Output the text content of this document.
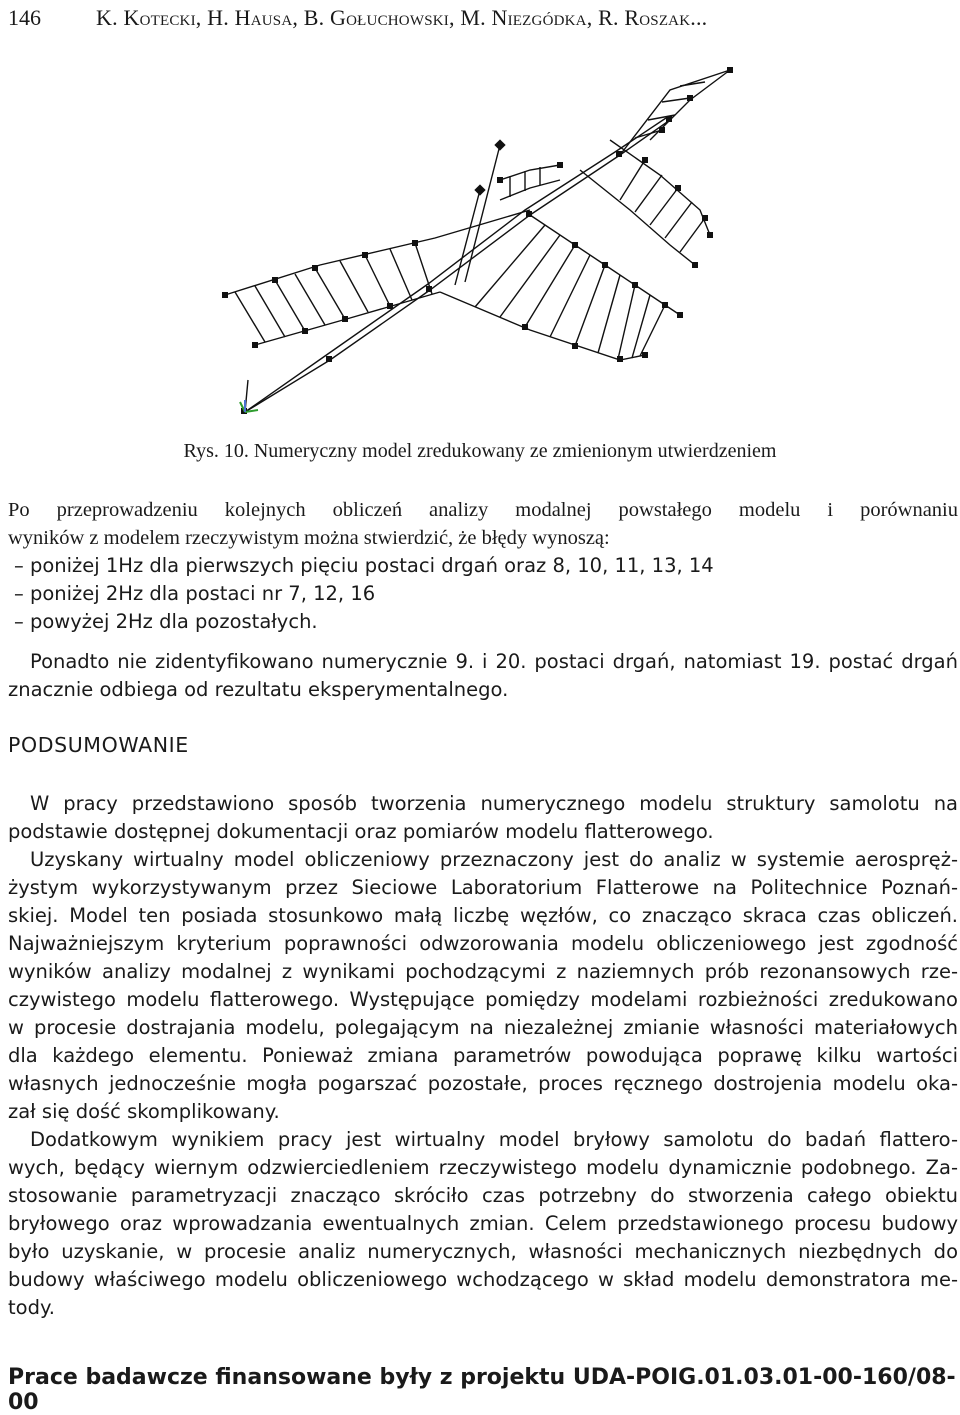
146	K. Kotecki, H. Hausa, B. Gołuchowski, M. Niezgódka, R. Roszak...
Rys. 10. Numeryczny model zredukowany ze zmienionym utwierdzeniem
Po przeprowadzeniu kolejnych obliczeń analizy modalnej powstałego modelu i porównaniu
wyników z modelem rzeczywistym można stwierdzić, że błędy wynoszą:
– poniżej 1Hz dla pierwszych pięciu postaci drgań oraz 8, 10, 11, 13, 14
– poniżej 2Hz dla postaci nr 7, 12, 16
– powyżej 2Hz dla pozostałych.
Ponadto nie zidentyfikowano numerycznie 9. i 20. postaci drgań, natomiast 19. postać drgań
znacznie odbiega od rezultatu eksperymentalnego.
PODSUMOWANIE
W pracy przedstawiono sposób tworzenia numerycznego modelu struktury samolotu na
podstawie dostępnej dokumentacji oraz pomiarów modelu flatterowego.
Uzyskany wirtualny model obliczeniowy przeznaczony jest do analiz w systemie aerospręż-
żystym wykorzystywanym przez Sieciowe Laboratorium Flatterowe na Politechnice Poznań-
skiej. Model ten posiada stosunkowo małą liczbę węzłów, co znacząco skraca czas obliczeń.
Najważniejszym kryterium poprawności odwzorowania modelu obliczeniowego jest zgodność
wyników analizy modalnej z wynikami pochodzącymi z naziemnych prób rezonansowych rze-
czywistego modelu flatterowego. Występujące pomiędzy modelami rozbieżności zredukowano
w procesie dostrajania modelu, polegającym na niezależnej zmianie własności materiałowych
dla każdego elementu. Ponieważ zmiana parametrów powodująca poprawę kilku wartości
własnych jednocześnie mogła pogarszać pozostałe, proces ręcznego dostrojenia modelu oka-
zał się dość skomplikowany.
Dodatkowym wynikiem pracy jest wirtualny model bryłowy samolotu do badań flattero-
wych, będący wiernym odzwierciedleniem rzeczywistego modelu dynamicznie podobnego. Za-
stosowanie parametryzacji znacząco skróciło czas potrzebny do stworzenia całego obiektu
bryłowego oraz wprowadzania ewentualnych zmian. Celem przedstawionego procesu budowy
było uzyskanie, w procesie analiz numerycznych, własności mechanicznych niezbędnych do
budowy właściwego modelu obliczeniowego wchodzącego w skład modelu demonstratora me-
tody.
Prace badawcze finansowane były z projektu UDA-POIG.01.03.01-00-160/08-00
